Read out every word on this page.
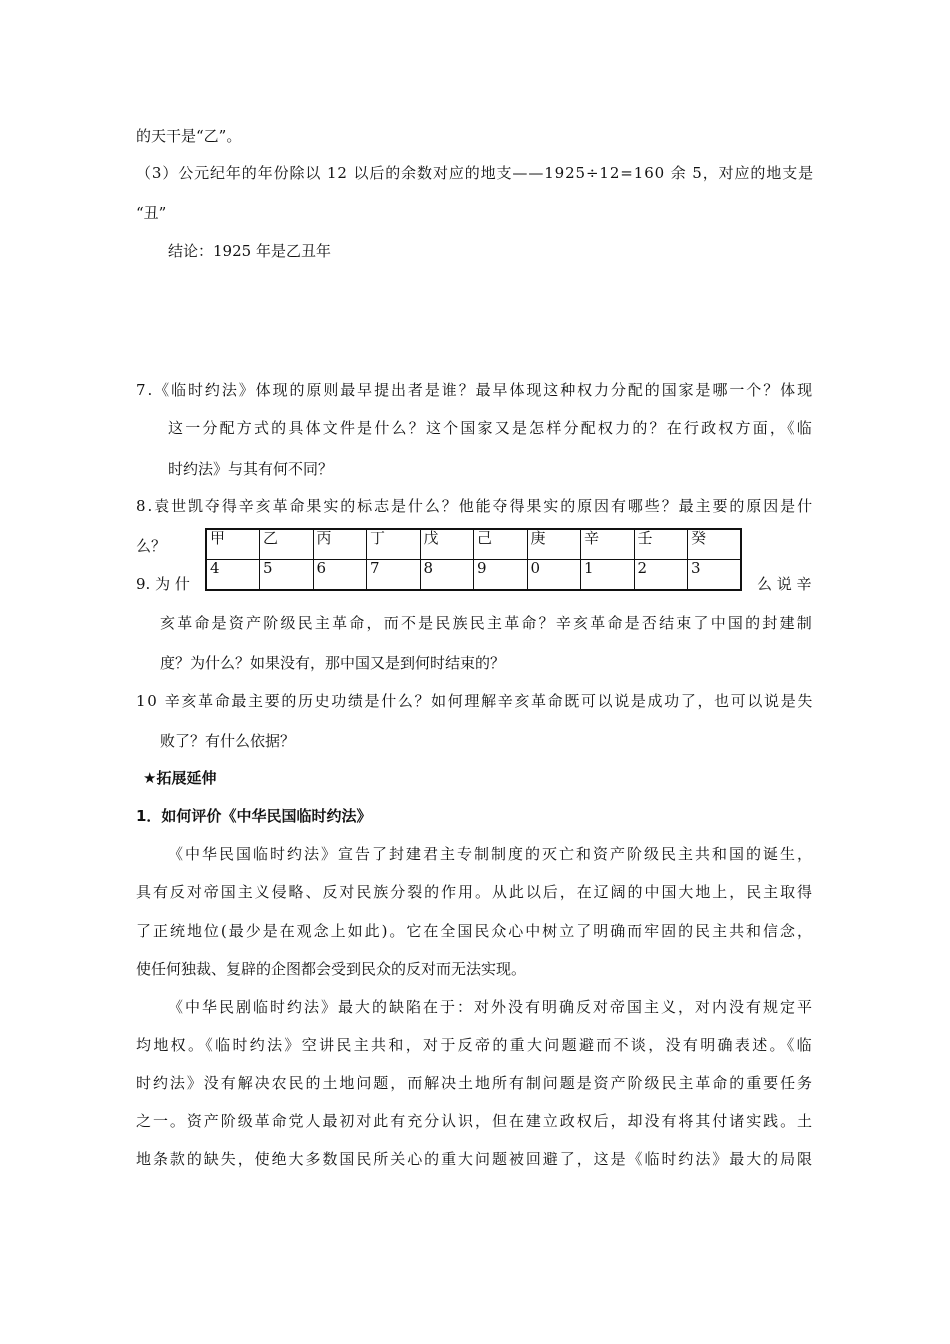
的天干是“乙”。
（3）公元纪年的年份除以 12 以后的余数对应的地支——1925÷12=160 余 5，对应的地支是
“丑”
结论：1925 年是乙丑年
7.《临时约法》体现的原则最早提出者是谁？最早体现这种权力分配的国家是哪一个？体现
这一分配方式的具体文件是什么？这个国家又是怎样分配权力的？在行政权方面，《临
时约法》与其有何不同？
8.袁世凯夺得辛亥革命果实的标志是什么？他能夺得果实的原因有哪些？最主要的原因是什
么？	甲	乙	丙	丁	戊	己	庚	辛	壬	癸
4	5	6	7	8	9	0	1	2	3
9. 为 什	么 说 辛
亥革命是资产阶级民主革命，而不是民族民主革命？辛亥革命是否结束了中国的封建制
度？为什么？如果没有，那中国又是到何时结束的？
10 辛亥革命最主要的历史功绩是什么？如何理解辛亥革命既可以说是成功了，也可以说是失
败了？有什么依据？
★拓展延伸
1．如何评价《中华民国临时约法》
《中华民国临时约法》宣告了封建君主专制制度的灭亡和资产阶级民主共和国的诞生，
具有反对帝国主义侵略、反对民族分裂的作用。从此以后，在辽阔的中国大地上，民主取得
了正统地位(最少是在观念上如此)。它在全国民众心中树立了明确而牢固的民主共和信念，
使任何独裁、复辟的企图都会受到民众的反对而无法实现。
《中华民剧临时约法》最大的缺陷在于：对外没有明确反对帝国主义，对内没有规定平
均地权。《临时约法》空讲民主共和，对于反帝的重大问题避而不谈，没有明确表述。《临
时约法》没有解决农民的土地问题，而解决土地所有制问题是资产阶级民主革命的重要任务
之一。资产阶级革命党人最初对此有充分认识，但在建立政权后，却没有将其付诸实践。土
地条款的缺失，使绝大多数国民所关心的重大问题被回避了，这是《临时约法》最大的局限
